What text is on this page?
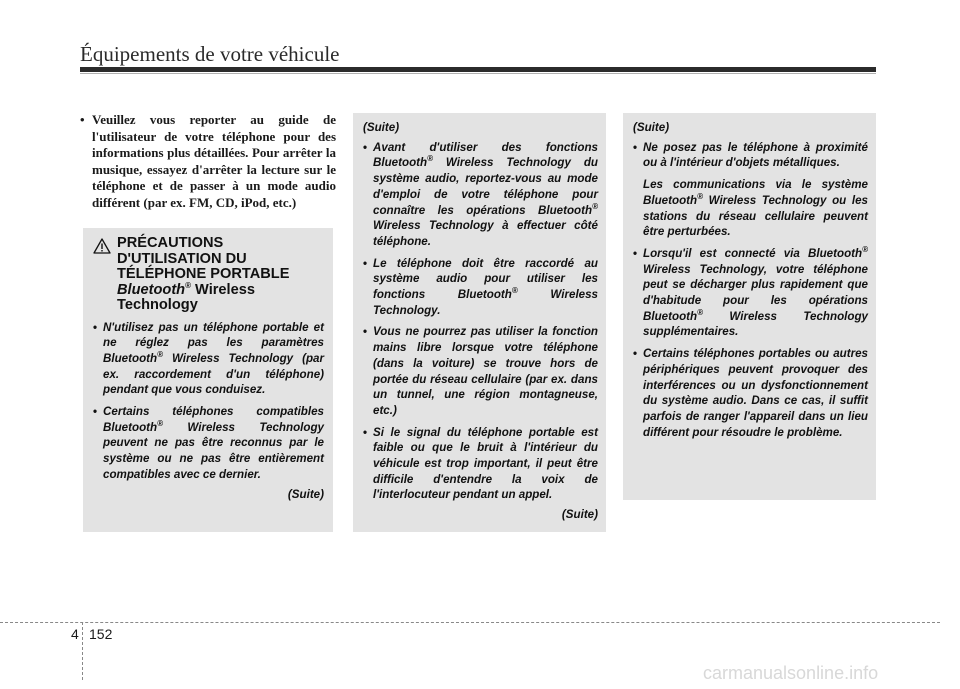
Équipements de votre véhicule
• Veuillez vous reporter au guide de l'utilisateur de votre téléphone pour des informations plus détaillées. Pour arrêter la musique, essayez d'arrêter la lecture sur le téléphone et de passer à un mode audio différent (par ex. FM, CD, iPod, etc.)
PRÉCAUTIONS
D'UTILISATION DU
TÉLÉPHONE PORTABLE
Bluetooth® Wireless
Technology
• N'utilisez pas un téléphone portable et ne réglez pas les paramètres Bluetooth® Wireless Technology (par ex. raccordement d'un téléphone) pendant que vous conduisez.
• Certains téléphones compatibles Bluetooth® Wireless Technology peuvent ne pas être reconnus par le système ou ne pas être entièrement compatibles avec ce dernier.
(Suite)
(Suite)
• Avant d'utiliser des fonctions Bluetooth® Wireless Technology du système audio, reportez-vous au mode d'emploi de votre téléphone pour connaître les opérations Bluetooth® Wireless Technology à effectuer côté téléphone.
• Le téléphone doit être raccordé au système audio pour utiliser les fonctions Bluetooth® Wireless Technology.
• Vous ne pourrez pas utiliser la fonction mains libre lorsque votre téléphone (dans la voiture) se trouve hors de portée du réseau cellulaire (par ex. dans un tunnel, une région montagneuse, etc.)
• Si le signal du téléphone portable est faible ou que le bruit à l'intérieur du véhicule est trop important, il peut être difficile d'entendre la voix de l'interlocuteur pendant un appel.
(Suite)
(Suite)
• Ne posez pas le téléphone à proximité ou à l'intérieur d'objets métalliques.
Les communications via le système Bluetooth® Wireless Technology ou les stations du réseau cellulaire peuvent être perturbées.
• Lorsqu'il est connecté via Bluetooth® Wireless Technology, votre téléphone peut se décharger plus rapidement que d'habitude pour les opérations Bluetooth® Wireless Technology supplémentaires.
• Certains téléphones portables ou autres périphériques peuvent provoquer des interférences ou un dysfonctionnement du système audio. Dans ce cas, il suffit parfois de ranger l'appareil dans un lieu différent pour résoudre le problème.
4 152
carmanualsonline.info
